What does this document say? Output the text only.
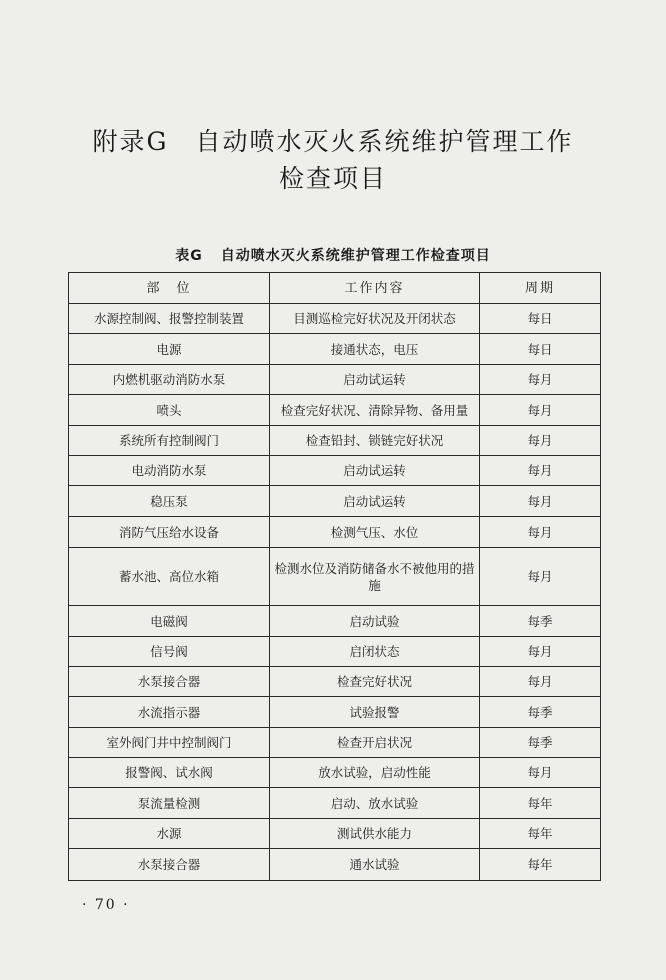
附录G　自动喷水灭火系统维护管理工作
检查项目
表G 自动喷水灭火系统维护管理工作检查项目
部　位	工作内容	周期
水源控制阀、报警控制装置	目测巡检完好状况及开闭状态	每日
电源	接通状态，电压	每日
内燃机驱动消防水泵	启动试运转	每月
喷头	检查完好状况、清除异物、备用量	每月
系统所有控制阀门	检查铅封、锁链完好状况	每月
电动消防水泵	启动试运转	每月
稳压泵	启动试运转	每月
消防气压给水设备	检测气压、水位	每月
蓄水池、高位水箱	检测水位及消防储备水不被他用的措施	每月
电磁阀	启动试验	每季
信号阀	启闭状态	每月
水泵接合器	检查完好状况	每月
水流指示器	试验报警	每季
室外阀门井中控制阀门	检查开启状况	每季
报警阀、试水阀	放水试验，启动性能	每月
泵流量检测	启动、放水试验	每年
水源	测试供水能力	每年
水泵接合器	通水试验	每年
· 70 ·
